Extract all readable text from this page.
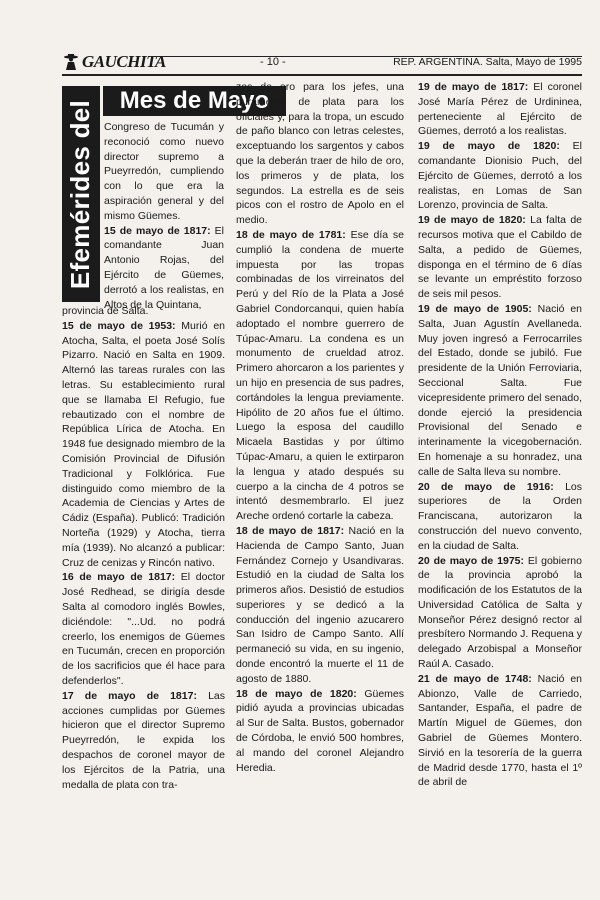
GAUCHITA	- 10 -	REP. ARGENTINA. Salta, Mayo de 1995
Efemérides del Mes de Mayo

Congreso de Tucumán y reconoció como nuevo director supremo a Pueyrredón, cumpliendo con lo que era la aspiración general y del mismo Güemes.

15 de mayo de 1817: El comandante Juan Antonio Rojas, del Ejército de Güemes, derrotó a los realistas, en Altos de la Quintana,

provincia de Salta.

15 de mayo de 1953: Murió en Atocha, Salta, el poeta José Solís Pizarro. Nació en Salta en 1909. Alternó las tareas rurales con las letras. Su establecimiento rural que se llamaba El Refugio, fue rebautizado con el nombre de República Lírica de Atocha. En 1948 fue designado miembro de la Comisión Provincial de Difusión Tradicional y Folklórica. Fue distinguido como miembro de la Academia de Ciencias y Artes de Cádiz (España). Publicó: Tradición Norteña (1929) y Atocha, tierra mía (1939). No alcanzó a publicar: Cruz de cenizas y Rincón nativo.

16 de mayo de 1817: El doctor José Redhead, se dirigía desde Salta al comodoro inglés Bowles, diciéndole: "...Ud. no podrá creerlo, los enemigos de Güemes en Tucumán, crecen en proporción de los sacrificios que él hace para defenderlos".

17 de mayo de 1817: Las acciones cumplidas por Güemes hicieron que el director Supremo Pueyrredón, le expida los despachos de coronel mayor de los Ejércitos de la Patria, una medalla de plata con tra-

zos de oro para los jefes, una puramente de plata para los oficiales y, para la tropa, un escudo de paño blanco con letras celestes, exceptuando los sargentos y cabos que la deberán traer de hilo de oro, los primeros y de plata, los segundos. La estrella es de seis picos con el rostro de Apolo en el medio.

18 de mayo de 1781: Ese día se cumplió la condena de muerte impuesta por las tropas combinadas de los virreinatos del Perú y del Río de la Plata a José Gabriel Condorcanqui, quien había adoptado el nombre guerrero de Túpac-Amaru. La condena es un monumento de crueldad atroz. Primero ahorcaron a los parientes y un hijo en presencia de sus padres, cortándoles la lengua previamente. Hipólito de 20 años fue el último. Luego la esposa del caudillo Micaela Bastidas y por último Túpac-Amaru, a quien le extirparon la lengua y atado después su cuerpo a la cincha de 4 potros se intentó desmembrarlo. El juez Areche ordenó cortarle la cabeza.

18 de mayo de 1817: Nació en la Hacienda de Campo Santo, Juan Fernández Cornejo y Usandivaras. Estudió en la ciudad de Salta los primeros años. Desistió de estudios superiores y se dedicó a la conducción del ingenio azucarero San Isidro de Campo Santo. Allí permaneció su vida, en su ingenio, donde encontró la muerte el 11 de agosto de 1880.

18 de mayo de 1820: Güemes pidió ayuda a provincias ubicadas al Sur de Salta. Bustos, gobernador de Córdoba, le envió 500 hombres, al mando del coronel Alejandro Heredia.

19 de mayo de 1817: El coronel José María Pérez de Urdininea, perteneciente al Ejército de Güemes, derrotó a los realistas.

19 de mayo de 1820: El comandante Dionisio Puch, del Ejército de Güemes, derrotó a los realistas, en Lomas de San Lorenzo, provincia de Salta.

19 de mayo de 1820: La falta de recursos motiva que el Cabildo de Salta, a pedido de Güemes, disponga en el término de 6 días se levante un empréstito forzoso de seis mil pesos.

19 de mayo de 1905: Nació en Salta, Juan Agustín Avellaneda. Muy joven ingresó a Ferrocarriles del Estado, donde se jubiló. Fue presidente de la Unión Ferroviaria, Seccional Salta. Fue vicepresidente primero del senado, donde ejerció la presidencia Provisional del Senado e interinamente la vicegobernación. En homenaje a su honradez, una calle de Salta lleva su nombre.

20 de mayo de 1916: Los superiores de la Orden Franciscana, autorizaron la construcción del nuevo convento, en la ciudad de Salta.

20 de mayo de 1975: El gobierno de la provincia aprobó la modificación de los Estatutos de la Universidad Católica de Salta y Monseñor Pérez designó rector al presbítero Normando J. Requena y delegado Arzobispal a Monseñor Raúl A. Casado.

21 de mayo de 1748: Nació en Abionzo, Valle de Carriedo, Santander, España, el padre de Martín Miguel de Güemes, don Gabriel de Güemes Montero. Sirvió en la tesorería de la guerra de Madrid desde 1770, hasta el 1º de abril de
